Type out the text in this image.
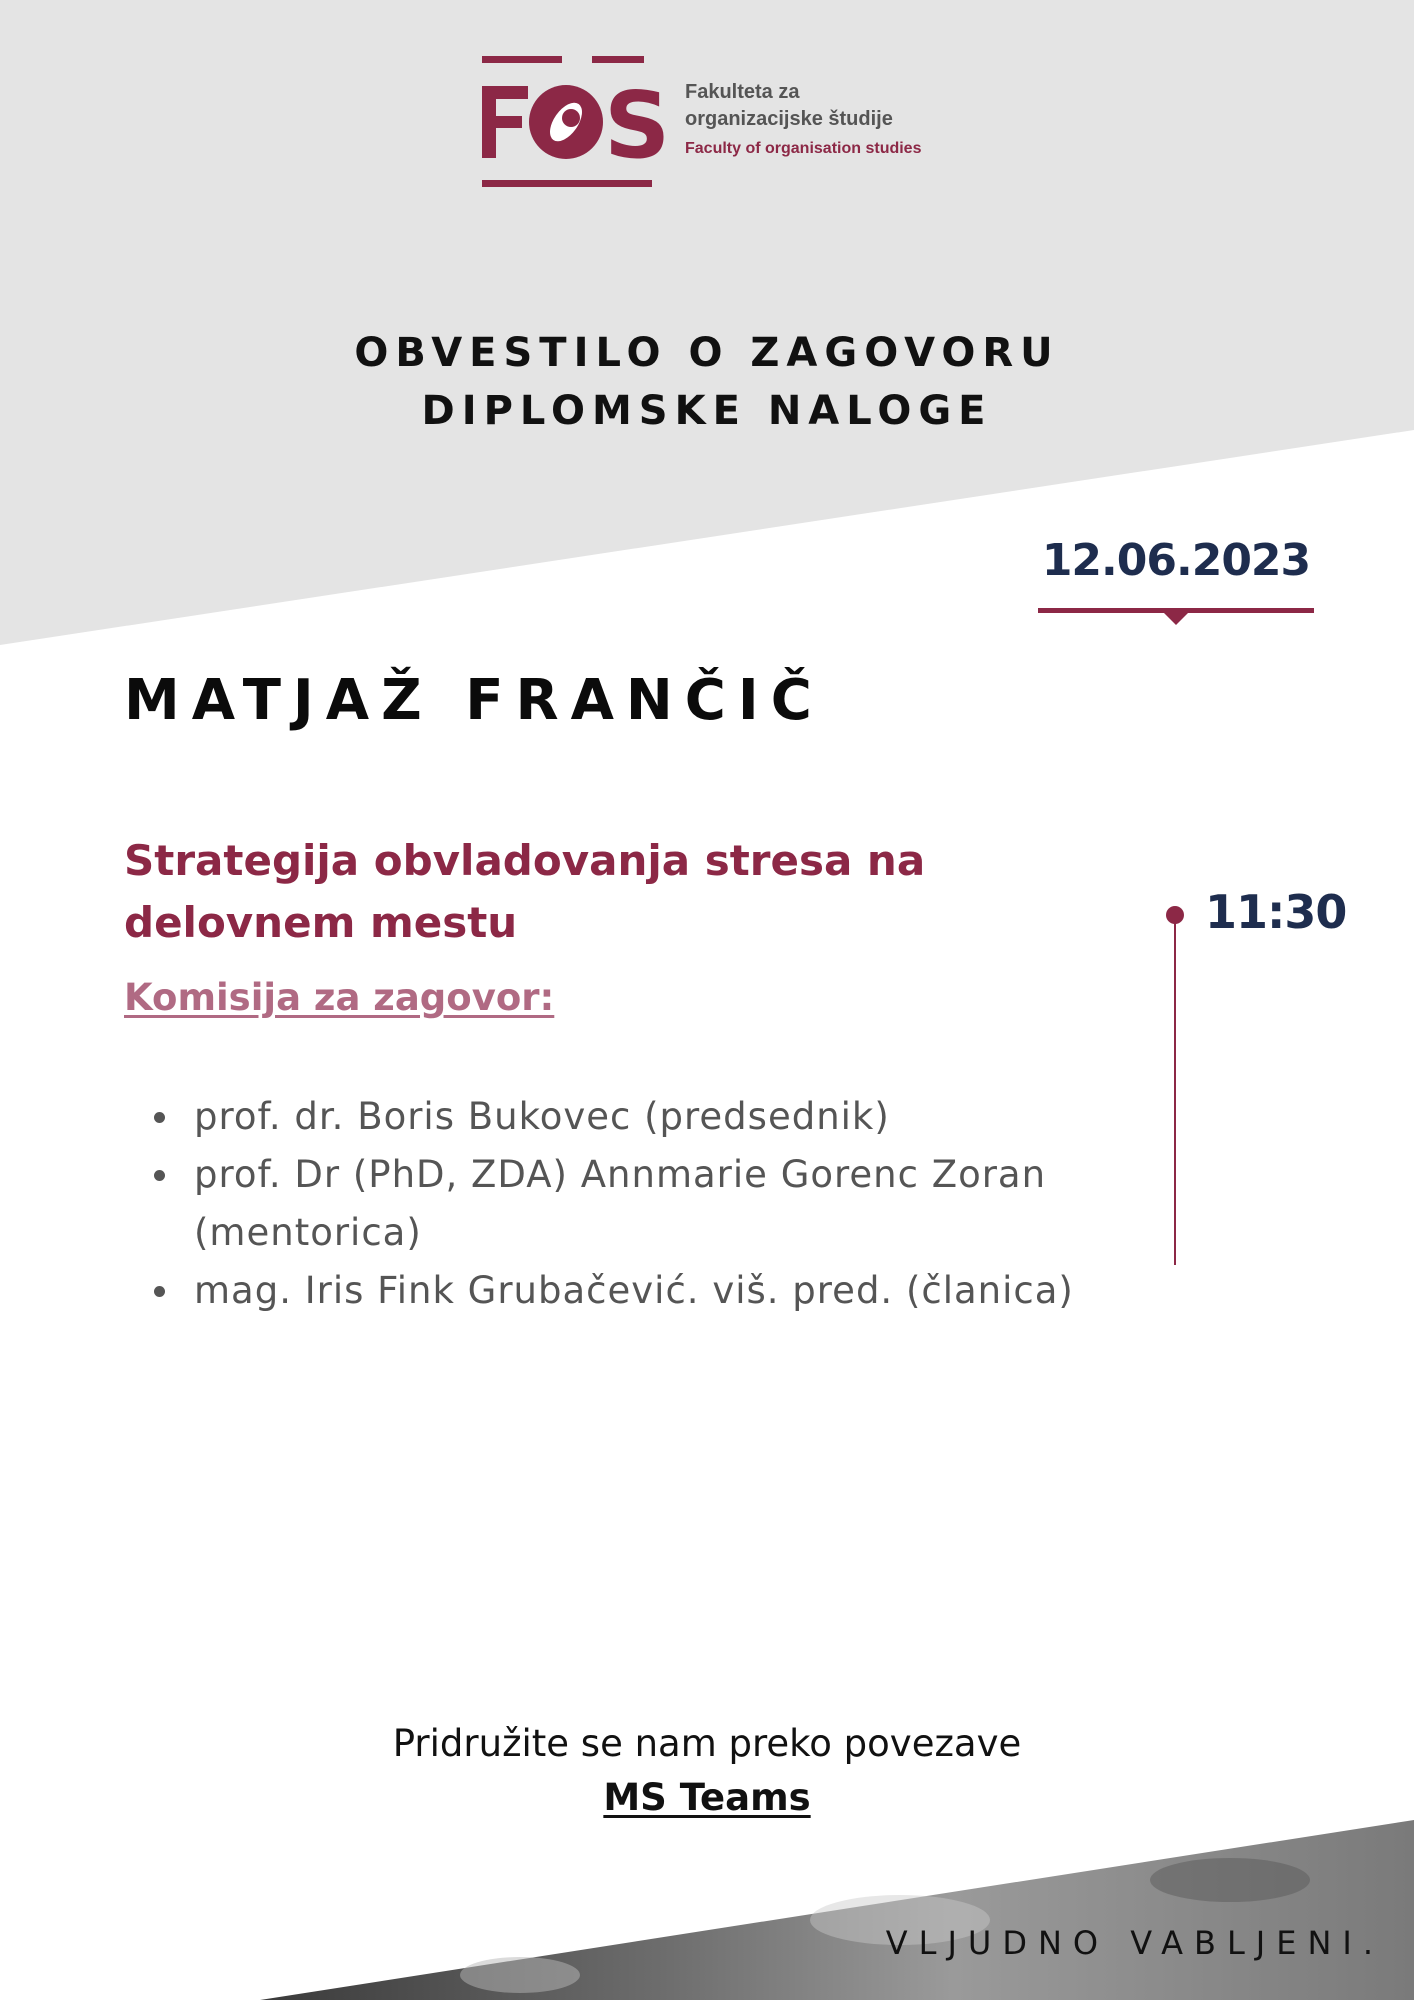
S Fakulteta za
organizacijske študije
Faculty of organisation studies
OBVESTILO O ZAGOVORU
DIPLOMSKE NALOGE
12.06.2023
MATJAŽ FRANČIČ
Strategija obvladovanja stresa na delovnem mestu
Komisija za zagovor:
prof. dr. Boris Bukovec (predsednik)
prof. Dr (PhD, ZDA) Annmarie Gorenc Zoran (mentorica)
mag. Iris Fink Grubačević. viš. pred. (članica)
11:30
Pridružite se nam preko povezave
MS Teams
VLJUDNO VABLJENI.
